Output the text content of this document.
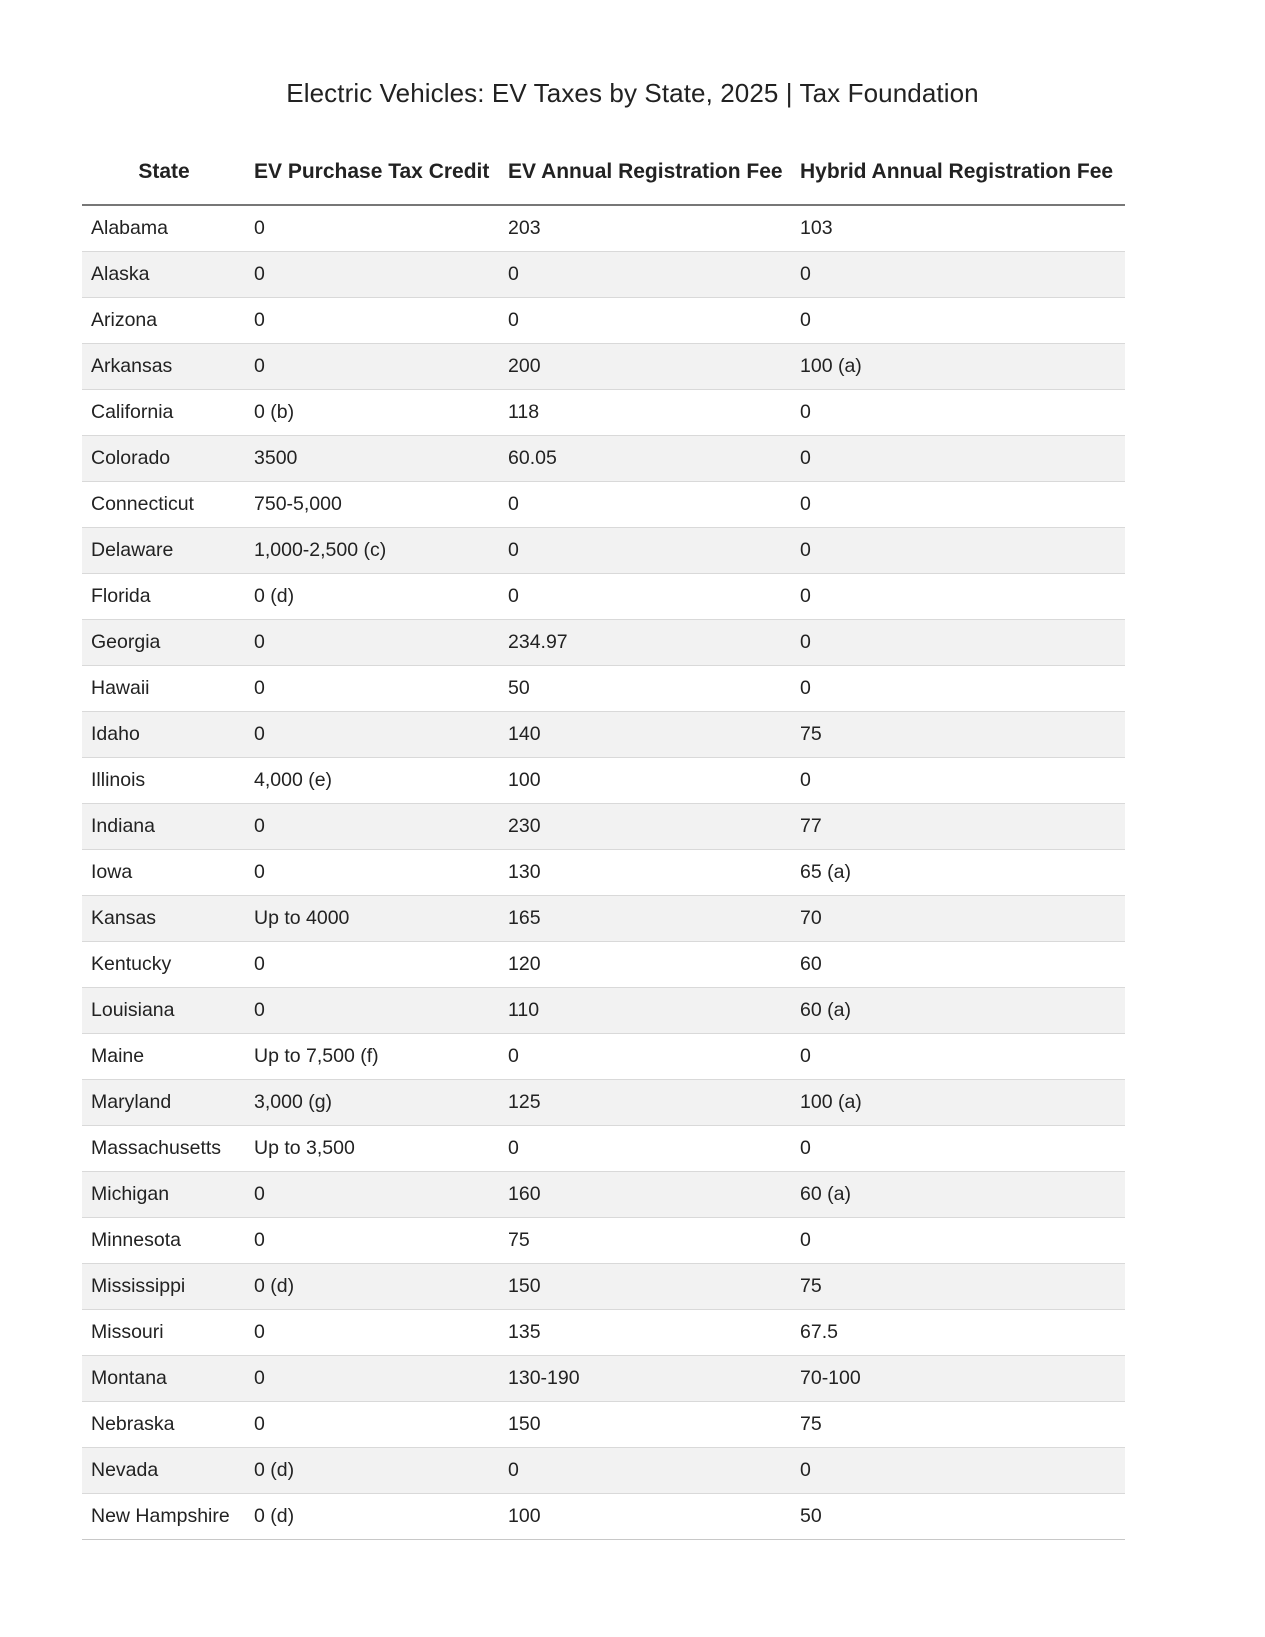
Electric Vehicles: EV Taxes by State, 2025 | Tax Foundation
State	EV Purchase Tax Credit	EV Annual Registration Fee	Hybrid Annual Registration Fee
Alabama	0	203	103
Alaska	0	0	0
Arizona	0	0	0
Arkansas	0	200	100 (a)
California	0 (b)	118	0
Colorado	3500	60.05	0
Connecticut	750-5,000	0	0
Delaware	1,000-2,500 (c)	0	0
Florida	0 (d)	0	0
Georgia	0	234.97	0
Hawaii	0	50	0
Idaho	0	140	75
Illinois	4,000 (e)	100	0
Indiana	0	230	77
Iowa	0	130	65 (a)
Kansas	Up to 4000	165	70
Kentucky	0	120	60
Louisiana	0	110	60 (a)
Maine	Up to 7,500 (f)	0	0
Maryland	3,000 (g)	125	100 (a)
Massachusetts	Up to 3,500	0	0
Michigan	0	160	60 (a)
Minnesota	0	75	0
Mississippi	0 (d)	150	75
Missouri	0	135	67.5
Montana	0	130-190	70-100
Nebraska	0	150	75
Nevada	0 (d)	0	0
New Hampshire	0 (d)	100	50
